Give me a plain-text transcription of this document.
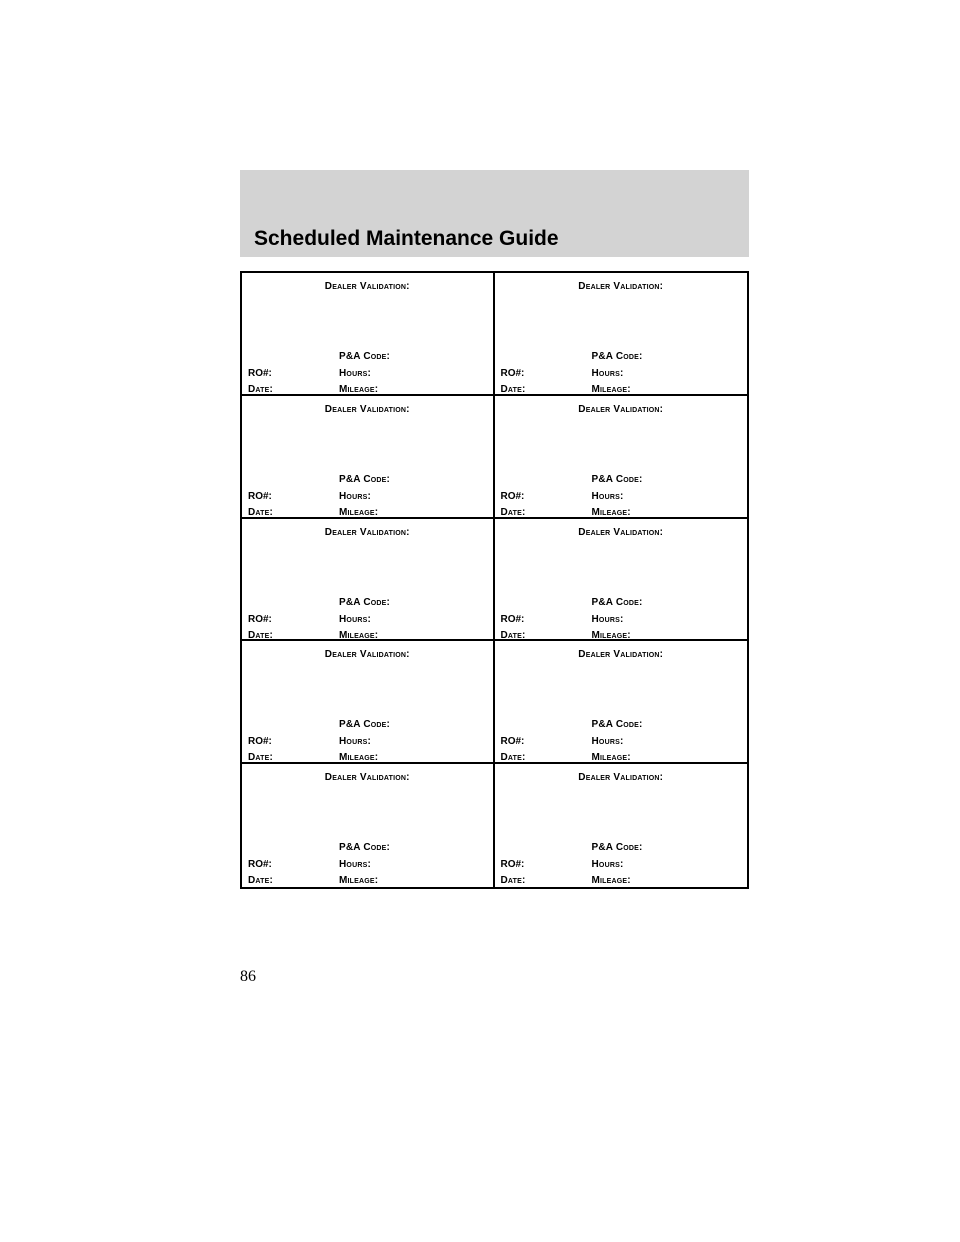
Scheduled Maintenance Guide
Dealer Validation:
P&A Code:
RO#:	Hours:
Date:	Mileage:
Dealer Validation:
P&A Code:
RO#:	Hours:
Date:	Mileage:
Dealer Validation:
P&A Code:
RO#:	Hours:
Date:	Mileage:
Dealer Validation:
P&A Code:
RO#:	Hours:
Date:	Mileage:
Dealer Validation:
P&A Code:
RO#:	Hours:
Date:	Mileage:
Dealer Validation:
P&A Code:
RO#:	Hours:
Date:	Mileage:
Dealer Validation:
P&A Code:
RO#:	Hours:
Date:	Mileage:
Dealer Validation:
P&A Code:
RO#:	Hours:
Date:	Mileage:
Dealer Validation:
P&A Code:
RO#:	Hours:
Date:	Mileage:
Dealer Validation:
P&A Code:
RO#:	Hours:
Date:	Mileage:
86
